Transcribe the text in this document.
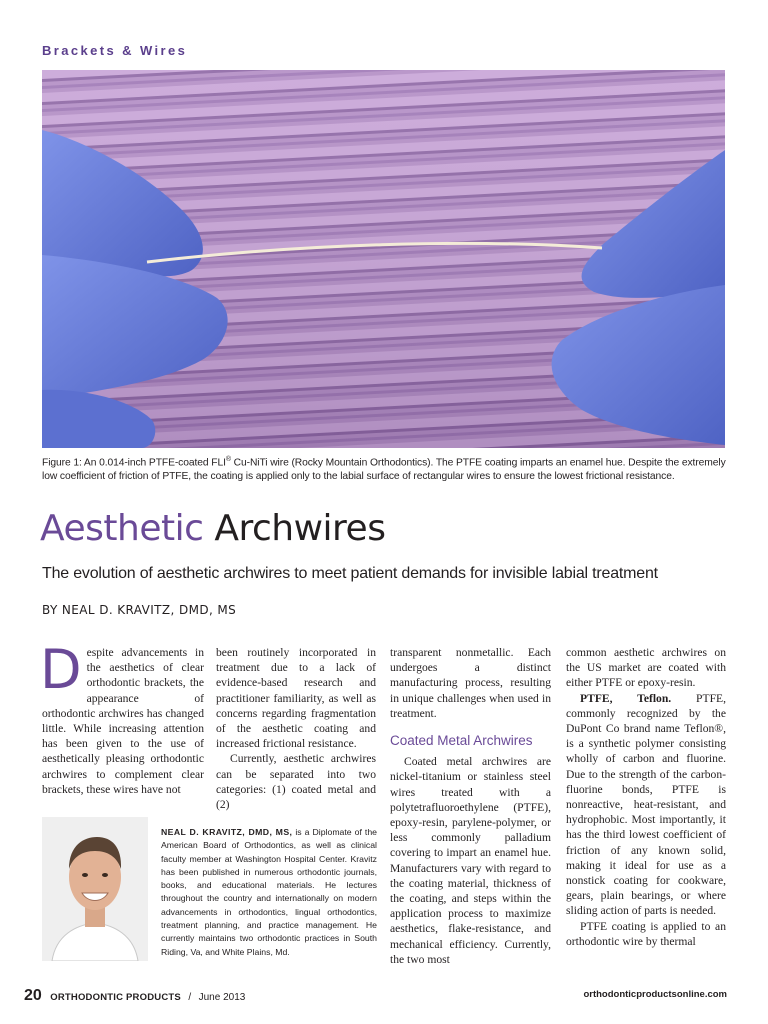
Brackets & Wires
Figure 1: An 0.014-inch PTFE-coated FLI® Cu-NiTi wire (Rocky Mountain Orthodontics). The PTFE coating imparts an enamel hue. Despite the extremely low coefficient of friction of PTFE, the coating is applied only to the labial surface of rectangular wires to ensure the lowest frictional resistance.
Aesthetic Archwires
The evolution of aesthetic archwires to meet patient demands for invisible labial treatment
BY NEAL D. KRAVITZ, DMD, MS

Despite advancements in the aesthetics of clear orthodontic brackets, the appearance of orthodontic archwires has changed little. While increasing attention has been given to the use of aesthetically pleasing orthodontic archwires to complement clear brackets, these wires have not

been routinely incorporated in treatment due to a lack of evidence-based research and practitioner familiarity, as well as concerns regarding fragmentation of the aesthetic coating and increased frictional resistance.

Currently, aesthetic archwires can be separated into two categories: (1) coated metal and (2)

transparent nonmetallic. Each undergoes a distinct manufacturing process, resulting in unique challenges when used in treatment.

Coated Metal Archwires

Coated metal archwires are nickel-titanium or stainless steel wires treated with a polytetrafluoroethylene (PTFE), epoxy-resin, parylene-polymer, or less commonly palladium covering to impart an enamel hue. Manufacturers vary with regard to the coating material, thickness of the coating, and steps within the application process to maximize aesthetics, flake-resistance, and mechanical efficiency. Currently, the two most

common aesthetic archwires on the US market are coated with either PTFE or epoxy-resin.

PTFE, Teflon. PTFE, commonly recognized by the DuPont Co brand name Teflon®, is a synthetic polymer consisting wholly of carbon and fluorine. Due to the strength of the carbon-fluorine bonds, PTFE is nonreactive, heat-resistant, and hydrophobic. Most importantly, it has the third lowest coefficient of friction of any known solid, making it ideal for use as a nonstick coating for cookware, gears, plain bearings, or where sliding action of parts is needed.

PTFE coating is applied to an orthodontic wire by thermal

NEAL D. KRAVITZ, DMD, MS, is a Diplomate of the American Board of Orthodontics, as well as clinical faculty member at Washington Hospital Center. Kravitz has been published in numerous orthodontic journals, books, and educational materials. He lectures throughout the country and internationally on modern advancements in orthodontics, lingual orthodontics, treatment planning, and practice management. He currently maintains two orthodontic practices in South Riding, Va, and White Plains, Md.
20 ORTHODONTIC PRODUCTS / June 2013	orthodonticproductsonline.com
